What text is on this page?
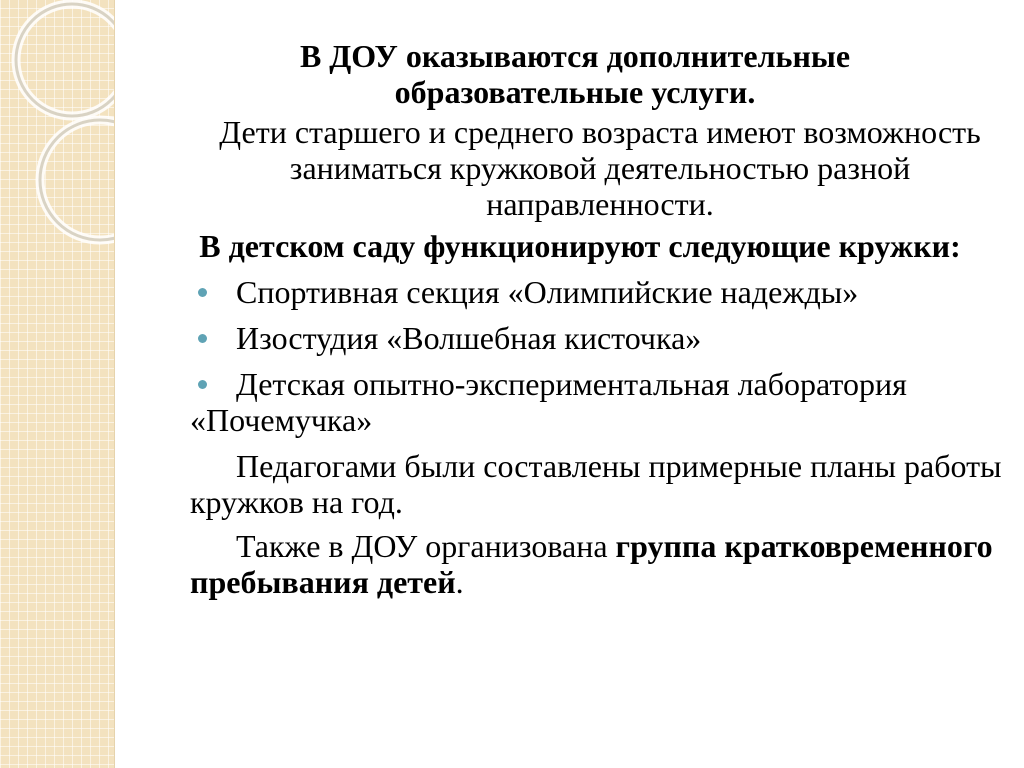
В ДОУ оказываются дополнительные образовательные услуги.

Дети старшего и среднего возраста имеют возможность заниматься кружковой деятельностью разной направленности.

В детском саду функционируют следующие кружки:

Спортивная секция «Олимпийские надежды»
Изостудия «Волшебная кисточка»
Детская опытно-экспериментальная лаборатория «Почемучка»

Педагогами были составлены примерные планы работы кружков на год.

Также в ДОУ организована группа кратковременного пребывания детей.
